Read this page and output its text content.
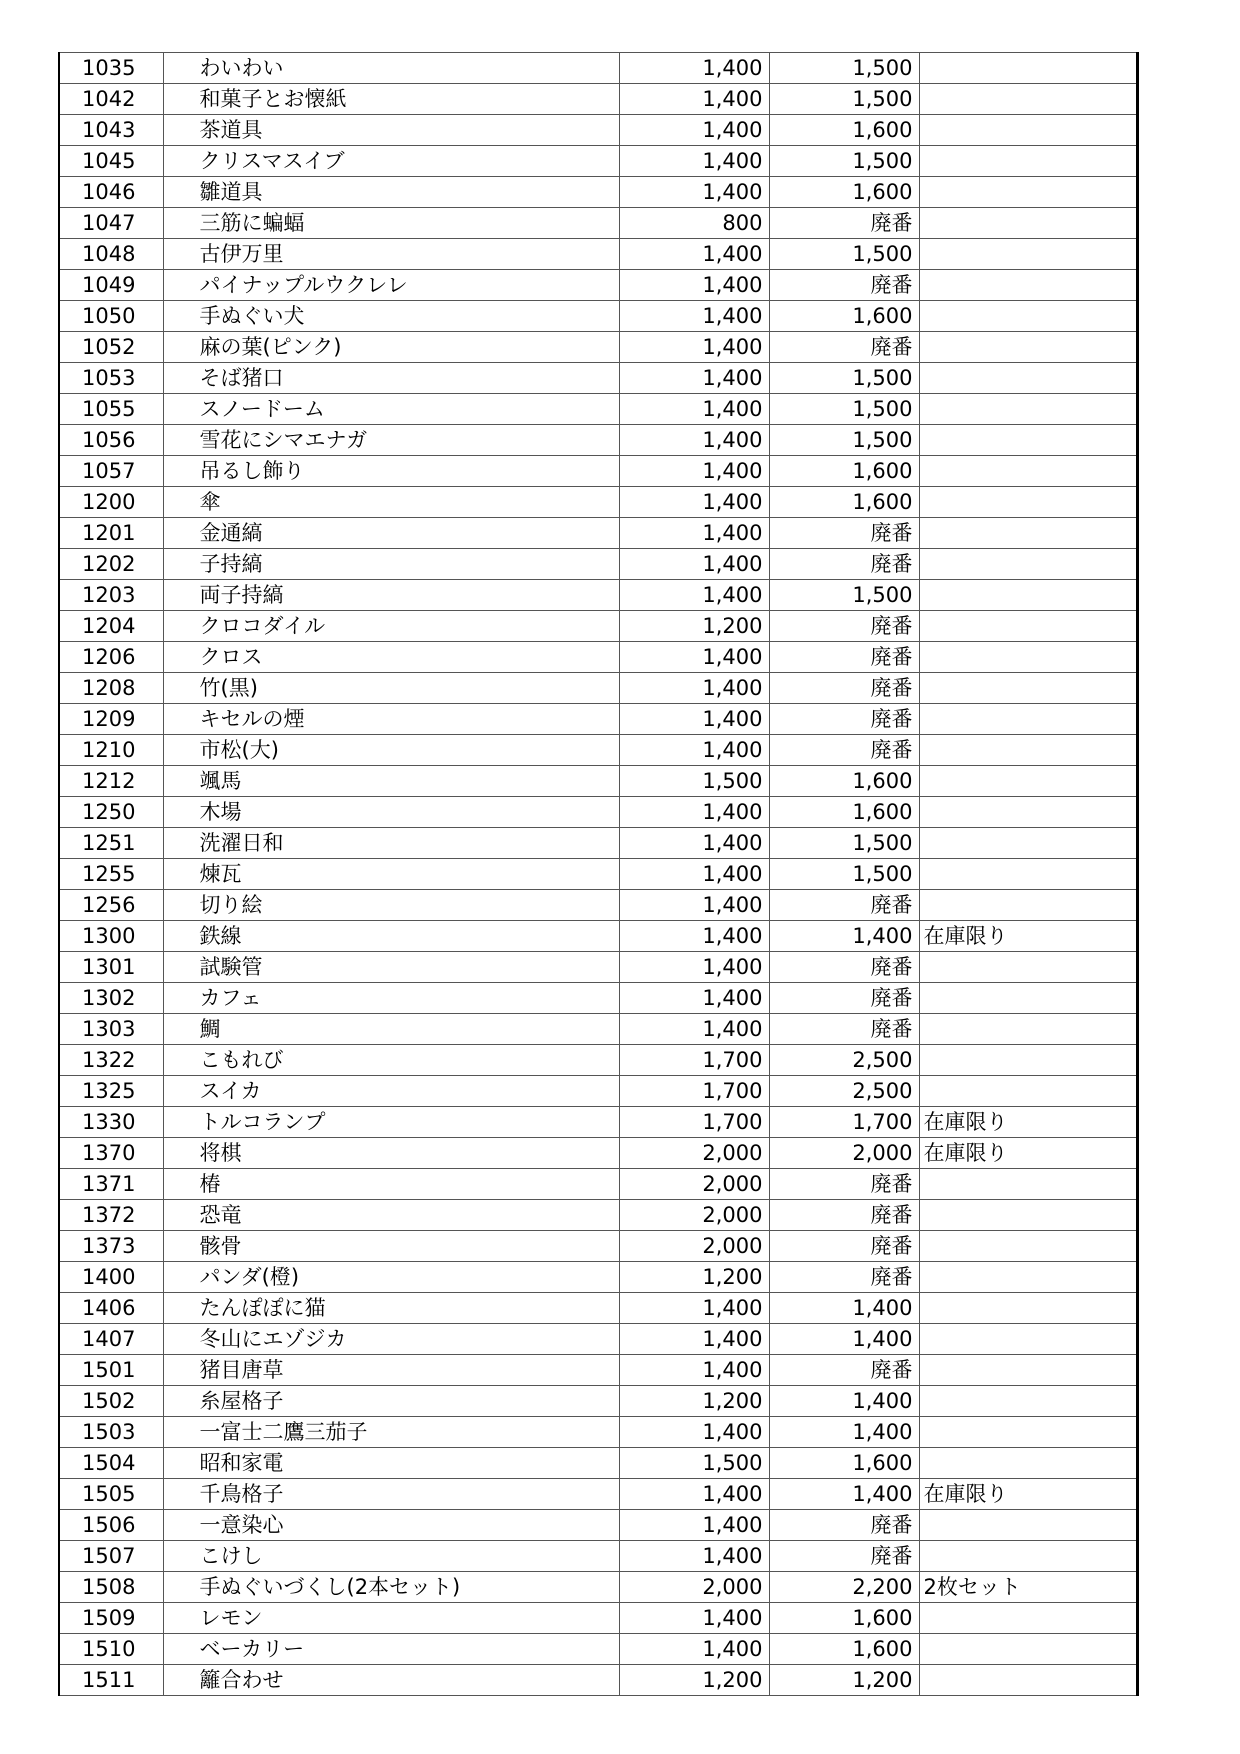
1035	わいわい	1,400	1,500	
1042	和菓子とお懐紙	1,400	1,500	
1043	茶道具	1,400	1,600	
1045	クリスマスイブ	1,400	1,500	
1046	雛道具	1,400	1,600	
1047	三筋に蝙蝠	800	廃番	
1048	古伊万里	1,400	1,500	
1049	パイナップルウクレレ	1,400	廃番	
1050	手ぬぐい犬	1,400	1,600	
1052	麻の葉(ピンク)	1,400	廃番	
1053	そば猪口	1,400	1,500	
1055	スノードーム	1,400	1,500	
1056	雪花にシマエナガ	1,400	1,500	
1057	吊るし飾り	1,400	1,600	
1200	傘	1,400	1,600	
1201	金通縞	1,400	廃番	
1202	子持縞	1,400	廃番	
1203	両子持縞	1,400	1,500	
1204	クロコダイル	1,200	廃番	
1206	クロス	1,400	廃番	
1208	竹(黒)	1,400	廃番	
1209	キセルの煙	1,400	廃番	
1210	市松(大)	1,400	廃番	
1212	颯馬	1,500	1,600	
1250	木場	1,400	1,600	
1251	洗濯日和	1,400	1,500	
1255	煉瓦	1,400	1,500	
1256	切り絵	1,400	廃番	
1300	鉄線	1,400	1,400	在庫限り
1301	試験管	1,400	廃番	
1302	カフェ	1,400	廃番	
1303	鯛	1,400	廃番	
1322	こもれび	1,700	2,500	
1325	スイカ	1,700	2,500	
1330	トルコランプ	1,700	1,700	在庫限り
1370	将棋	2,000	2,000	在庫限り
1371	椿	2,000	廃番	
1372	恐竜	2,000	廃番	
1373	骸骨	2,000	廃番	
1400	パンダ(橙)	1,200	廃番	
1406	たんぽぽに猫	1,400	1,400	
1407	冬山にエゾジカ	1,400	1,400	
1501	猪目唐草	1,400	廃番	
1502	糸屋格子	1,200	1,400	
1503	一富士二鷹三茄子	1,400	1,400	
1504	昭和家電	1,500	1,600	
1505	千鳥格子	1,400	1,400	在庫限り
1506	一意染心	1,400	廃番	
1507	こけし	1,400	廃番	
1508	手ぬぐいづくし(2本セット)	2,000	2,200	2枚セット
1509	レモン	1,400	1,600	
1510	ベーカリー	1,400	1,600	
1511	籬合わせ	1,200	1,200	
